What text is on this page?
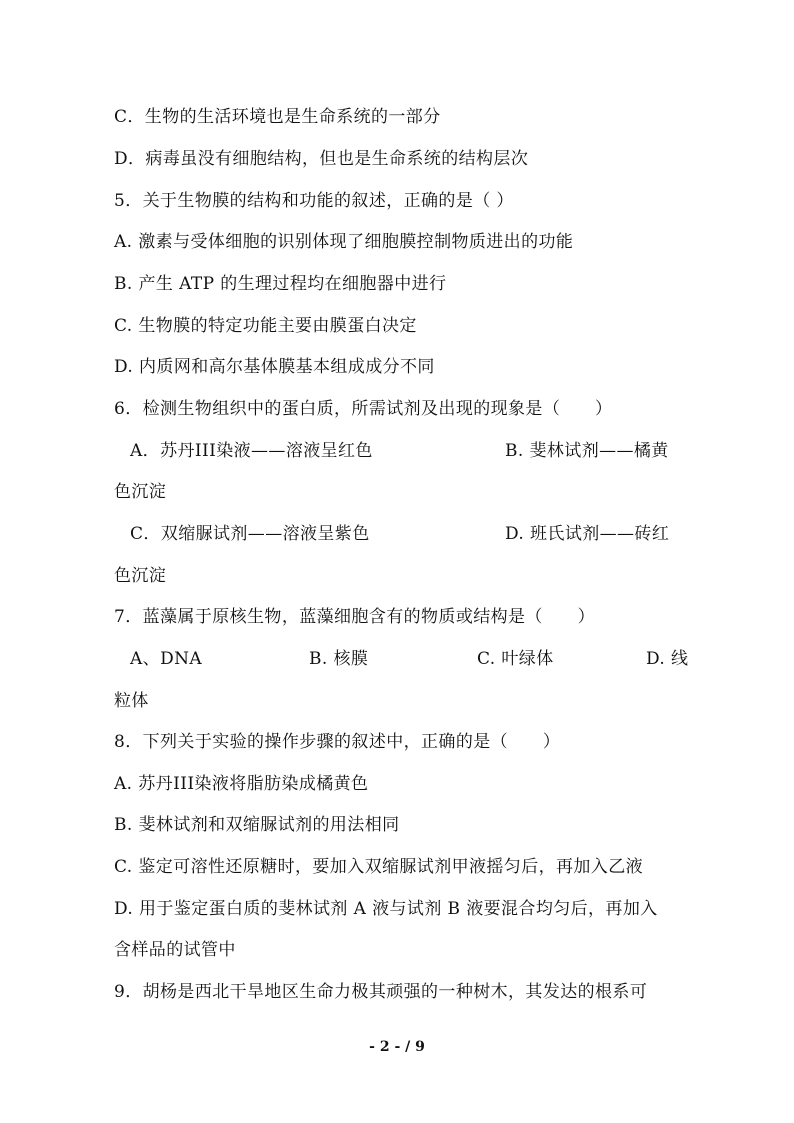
C．生物的生活环境也是生命系统的一部分
D．病毒虽没有细胞结构，但也是生命系统的结构层次
5．关于生物膜的结构和功能的叙述，正确的是（ ）
A. 激素与受体细胞的识别体现了细胞膜控制物质进出的功能
B. 产生 ATP 的生理过程均在细胞器中进行
C. 生物膜的特定功能主要由膜蛋白决定
D. 内质网和高尔基体膜基本组成成分不同
6．检测生物组织中的蛋白质，所需试剂及出现的现象是（　　）
A．苏丹III染液——溶液呈红色	B. 斐林试剂——橘黄
色沉淀
C．双缩脲试剂——溶液呈紫色	D. 班氏试剂——砖红
色沉淀
7．蓝藻属于原核生物，蓝藻细胞含有的物质或结构是（　　）
A、DNA	B. 核膜	C. 叶绿体	D. 线
粒体
8．下列关于实验的操作步骤的叙述中，正确的是（　　）
A. 苏丹III染液将脂肪染成橘黄色
B. 斐林试剂和双缩脲试剂的用法相同
C. 鉴定可溶性还原糖时，要加入双缩脲试剂甲液摇匀后，再加入乙液
D. 用于鉴定蛋白质的斐林试剂 A 液与试剂 B 液要混合均匀后，再加入
含样品的试管中
9．胡杨是西北干旱地区生命力极其顽强的一种树木，其发达的根系可
- 2 - / 9
